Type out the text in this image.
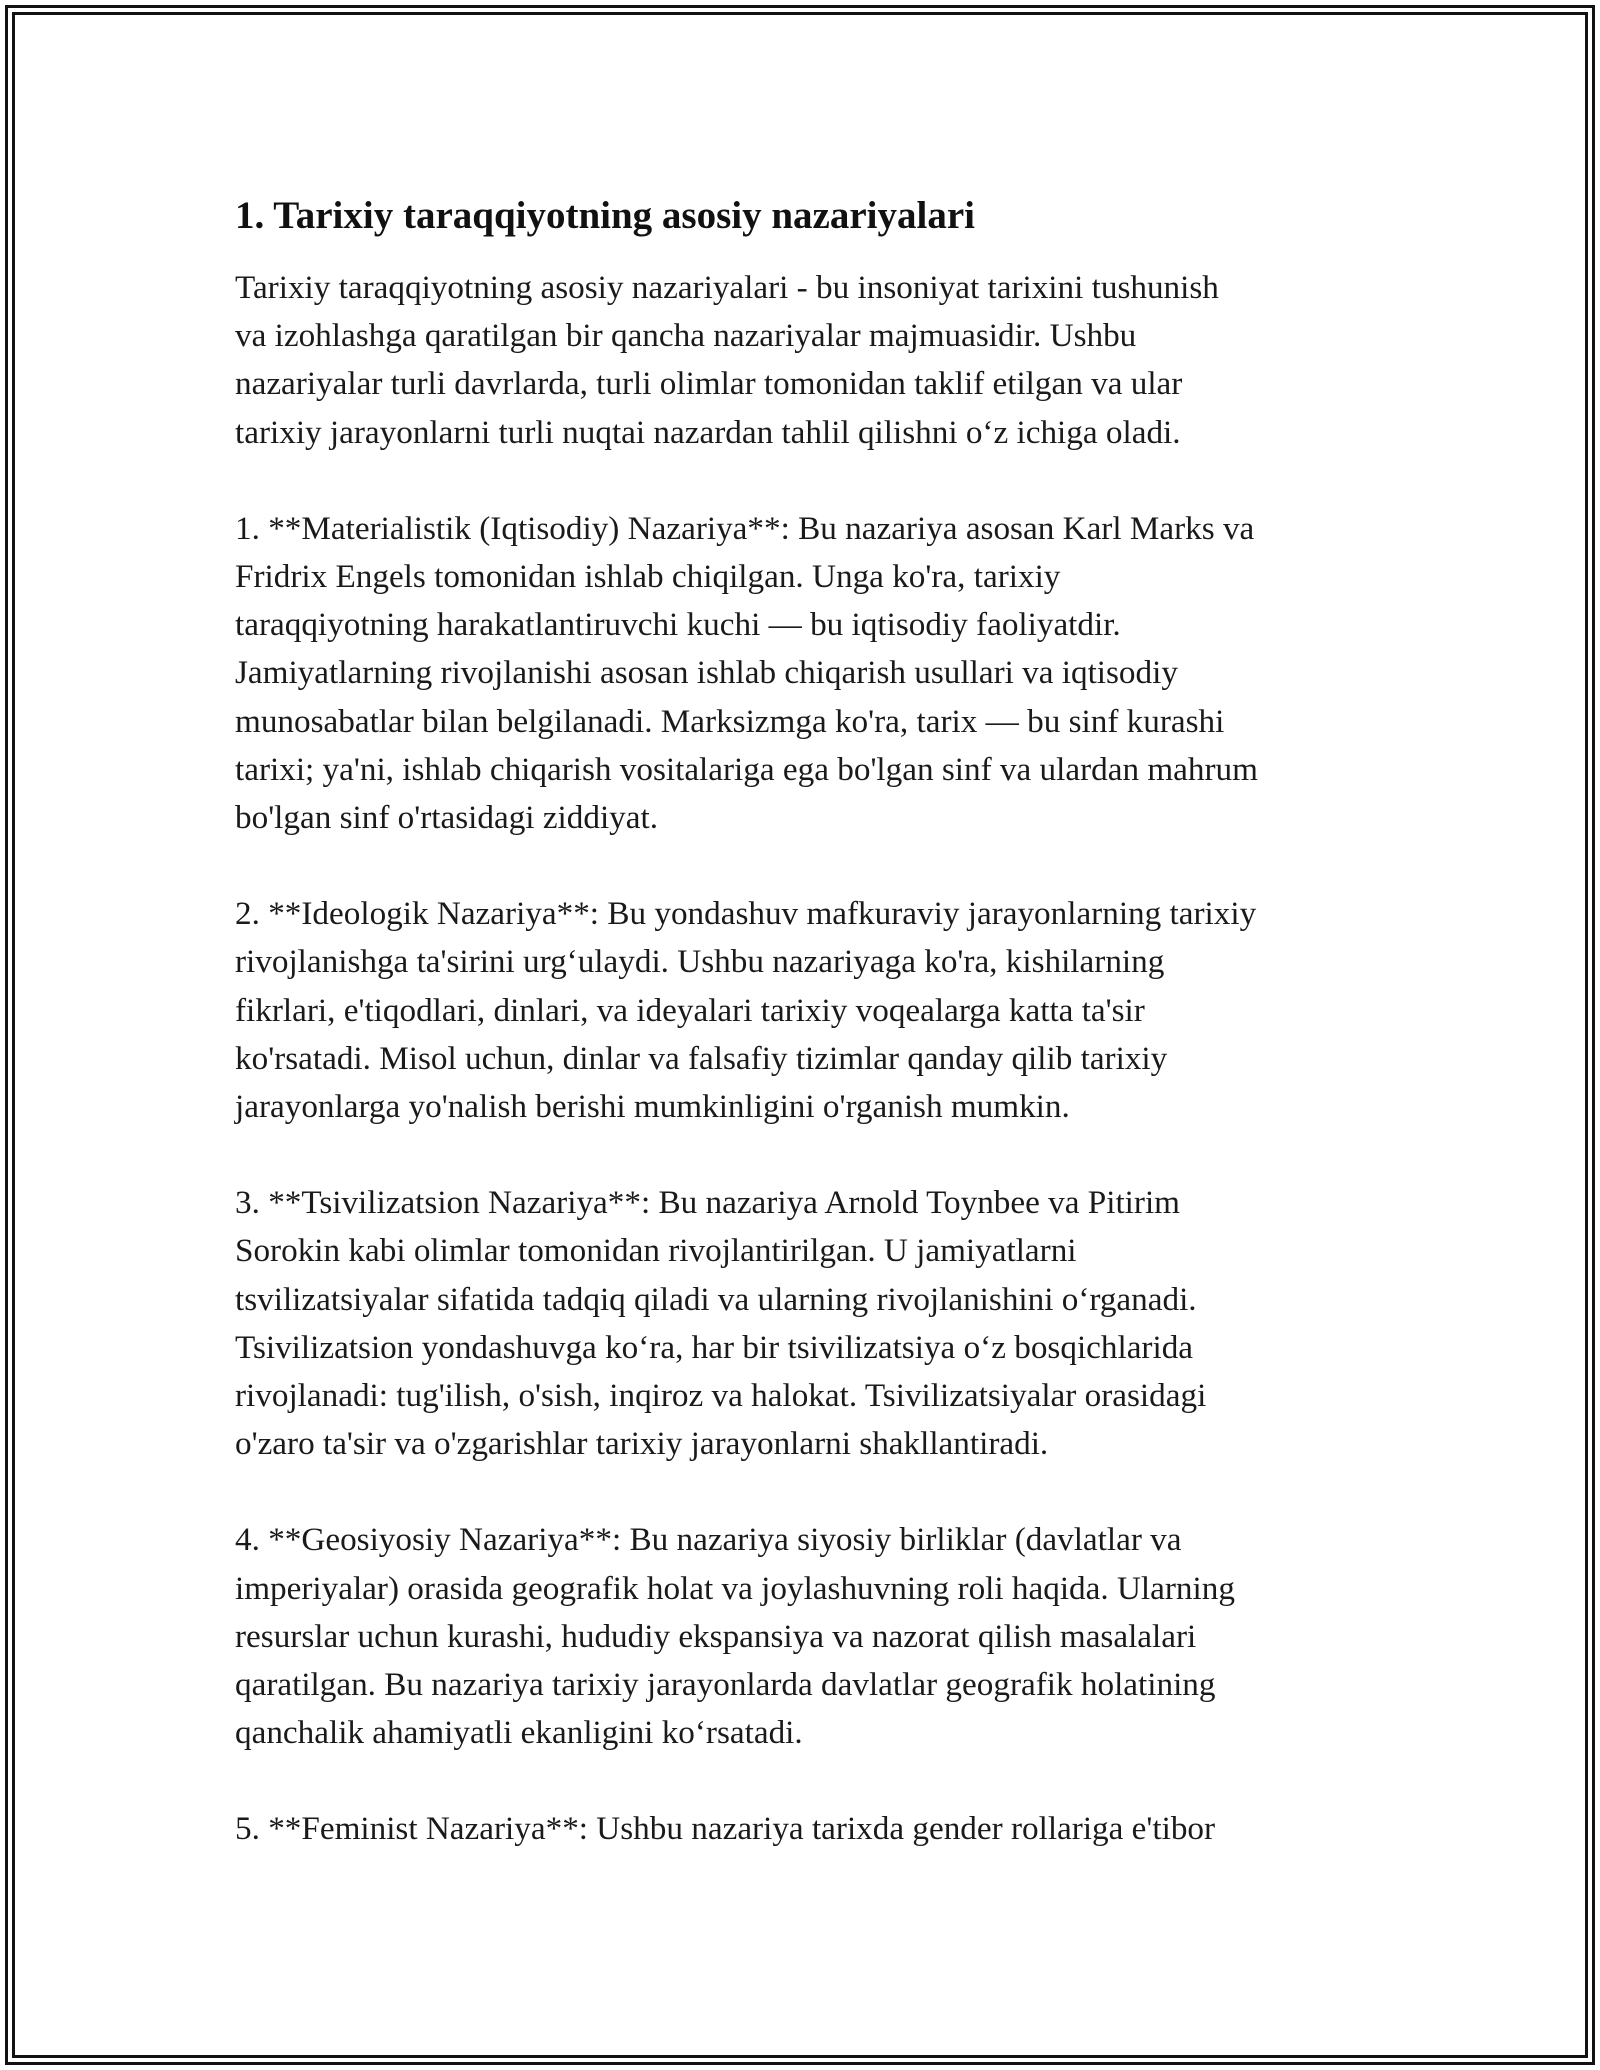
1. Tarixiy taraqqiyotning asosiy nazariyalari

Tarixiy taraqqiyotning asosiy nazariyalari - bu insoniyat tarixini tushunish
va izohlashga qaratilgan bir qancha nazariyalar majmuasidir. Ushbu
nazariyalar turli davrlarda, turli olimlar tomonidan taklif etilgan va ular
tarixiy jarayonlarni turli nuqtai nazardan tahlil qilishni o‘z ichiga oladi.

1. **Materialistik (Iqtisodiy) Nazariya**: Bu nazariya asosan Karl Marks va
Fridrix Engels tomonidan ishlab chiqilgan. Unga ko'ra, tarixiy
taraqqiyotning harakatlantiruvchi kuchi — bu iqtisodiy faoliyatdir.
Jamiyatlarning rivojlanishi asosan ishlab chiqarish usullari va iqtisodiy
munosabatlar bilan belgilanadi. Marksizmga ko'ra, tarix — bu sinf kurashi
tarixi; ya'ni, ishlab chiqarish vositalariga ega bo'lgan sinf va ulardan mahrum
bo'lgan sinf o'rtasidagi ziddiyat.

2. **Ideologik Nazariya**: Bu yondashuv mafkuraviy jarayonlarning tarixiy
rivojlanishga ta'sirini urg‘ulaydi. Ushbu nazariyaga ko'ra, kishilarning
fikrlari, e'tiqodlari, dinlari, va ideyalari tarixiy voqealarga katta ta'sir
ko'rsatadi. Misol uchun, dinlar va falsafiy tizimlar qanday qilib tarixiy
jarayonlarga yo'nalish berishi mumkinligini o'rganish mumkin.

3. **Tsivilizatsion Nazariya**: Bu nazariya Arnold Toynbee va Pitirim
Sorokin kabi olimlar tomonidan rivojlantirilgan. U jamiyatlarni
tsvilizatsiyalar sifatida tadqiq qiladi va ularning rivojlanishini o‘rganadi.
Tsivilizatsion yondashuvga ko‘ra, har bir tsivilizatsiya o‘z bosqichlarida
rivojlanadi: tug'ilish, o'sish, inqiroz va halokat. Tsivilizatsiyalar orasidagi
o'zaro ta'sir va o'zgarishlar tarixiy jarayonlarni shakllantiradi.

4. **Geosiyosiy Nazariya**: Bu nazariya siyosiy birliklar (davlatlar va
imperiyalar) orasida geografik holat va joylashuvning roli haqida. Ularning
resurslar uchun kurashi, hududiy ekspansiya va nazorat qilish masalalari
qaratilgan. Bu nazariya tarixiy jarayonlarda davlatlar geografik holatining
qanchalik ahamiyatli ekanligini ko‘rsatadi.

5. **Feminist Nazariya**: Ushbu nazariya tarixda gender rollariga e'tibor
